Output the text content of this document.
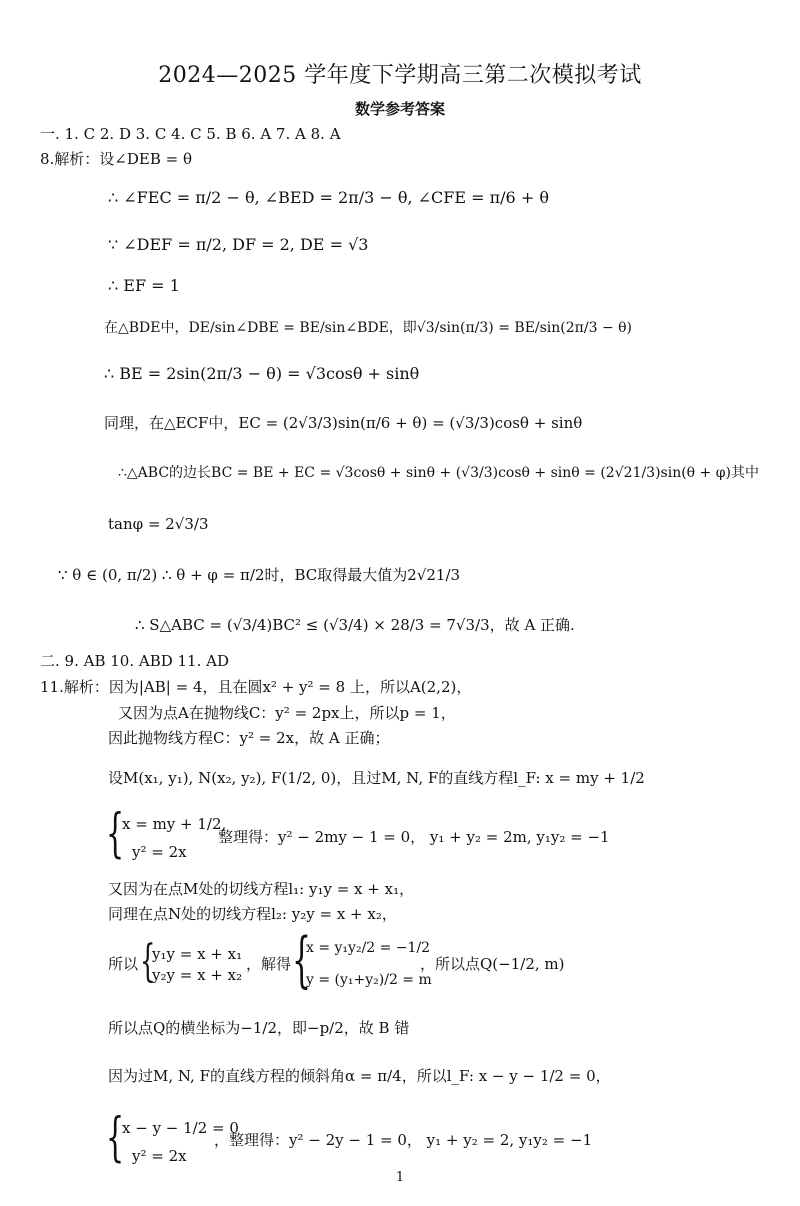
2024—2025 学年度下学期高三第二次模拟考试
数学参考答案
一. 1. C 2. D 3. C 4. C 5. B 6. A 7. A 8. A
8.解析：设∠DEB = θ
∴ ∠FEC = π/2 − θ, ∠BED = 2π/3 − θ, ∠CFE = π/6 + θ
∵ ∠DEF = π/2, DF = 2, DE = √3
∴ EF = 1
在△BDE中，DE/sin∠DBE = BE/sin∠BDE，即√3/sin(π/3) = BE/sin(2π/3 − θ)
∴ BE = 2sin(2π/3 − θ) = √3cosθ + sinθ
同理，在△ECF中，EC = (2√3/3)sin(π/6 + θ) = (√3/3)cosθ + sinθ
∴△ABC的边长BC = BE + EC = √3cosθ + sinθ + (√3/3)cosθ + sinθ = (2√21/3)sin(θ + φ)其中
tanφ = 2√3/3
∵ θ ∈ (0, π/2) ∴ θ + φ = π/2时，BC取得最大值为2√21/3
∴ S△ABC = (√3/4)BC² ≤ (√3/4) × 28/3 = 7√3/3，故 A 正确.
二. 9. AB 10. ABD 11. AD
11.解析：因为|AB| = 4，且在圆x² + y² = 8 上，所以A(2,2)，
又因为点A在抛物线C：y² = 2px上，所以p = 1，
因此抛物线方程C：y² = 2x，故 A 正确；
设M(x₁, y₁), N(x₂, y₂), F(1/2, 0)，且过M, N, F的直线方程l_F: x = my + 1/2
{
x = my + 1/2,
y² = 2x
整理得：y² − 2my − 1 = 0， y₁ + y₂ = 2m, y₁y₂ = −1
又因为在点M处的切线方程l₁: y₁y = x + x₁，
同理在点N处的切线方程l₂: y₂y = x + x₂，
所以 {
y₁y = x + x₁
y₂y = x + x₂
，解得 {
x = y₁y₂/2 = −1/2
y = (y₁+y₂)/2 = m
，所以点Q(−1/2, m)
所以点Q的横坐标为−1/2，即−p/2，故 B 错
因为过M, N, F的直线方程的倾斜角α = π/4，所以l_F: x − y − 1/2 = 0，
{
x − y − 1/2 = 0
y² = 2x
，整理得：y² − 2y − 1 = 0， y₁ + y₂ = 2, y₁y₂ = −1
1
